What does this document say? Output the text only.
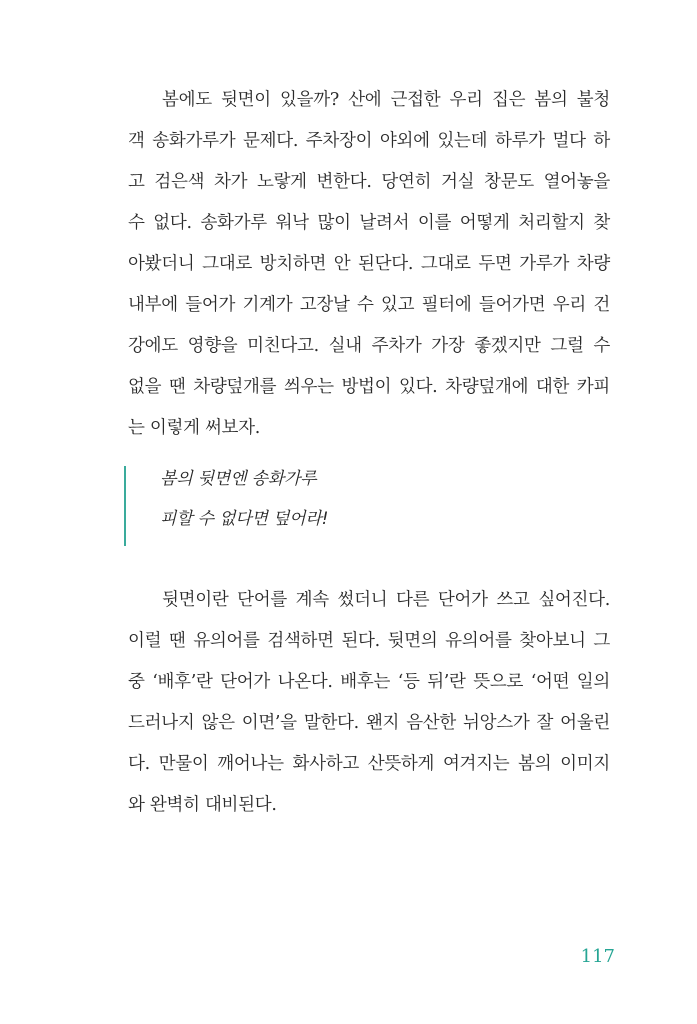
봄에도 뒷면이 있을까? 산에 근접한 우리 집은 봄의 불청
객 송화가루가 문제다. 주차장이 야외에 있는데 하루가 멀다 하
고 검은색 차가 노랗게 변한다. 당연히 거실 창문도 열어놓을
수 없다. 송화가루 워낙 많이 날려서 이를 어떻게 처리할지 찾
아봤더니 그대로 방치하면 안 된단다. 그대로 두면 가루가 차량
내부에 들어가 기계가 고장날 수 있고 필터에 들어가면 우리 건
강에도 영향을 미친다고. 실내 주차가 가장 좋겠지만 그럴 수
없을 땐 차량덮개를 씌우는 방법이 있다. 차량덮개에 대한 카피
는 이렇게 써보자.
봄의 뒷면엔 송화가루
피할 수 없다면 덮어라!
뒷면이란 단어를 계속 썼더니 다른 단어가 쓰고 싶어진다.
이럴 땐 유의어를 검색하면 된다. 뒷면의 유의어를 찾아보니 그
중 ‘배후’란 단어가 나온다. 배후는 ‘등 뒤’란 뜻으로 ‘어떤 일의
드러나지 않은 이면’을 말한다. 왠지 음산한 뉘앙스가 잘 어울린
다. 만물이 깨어나는 화사하고 산뜻하게 여겨지는 봄의 이미지
와 완벽히 대비된다.
117
